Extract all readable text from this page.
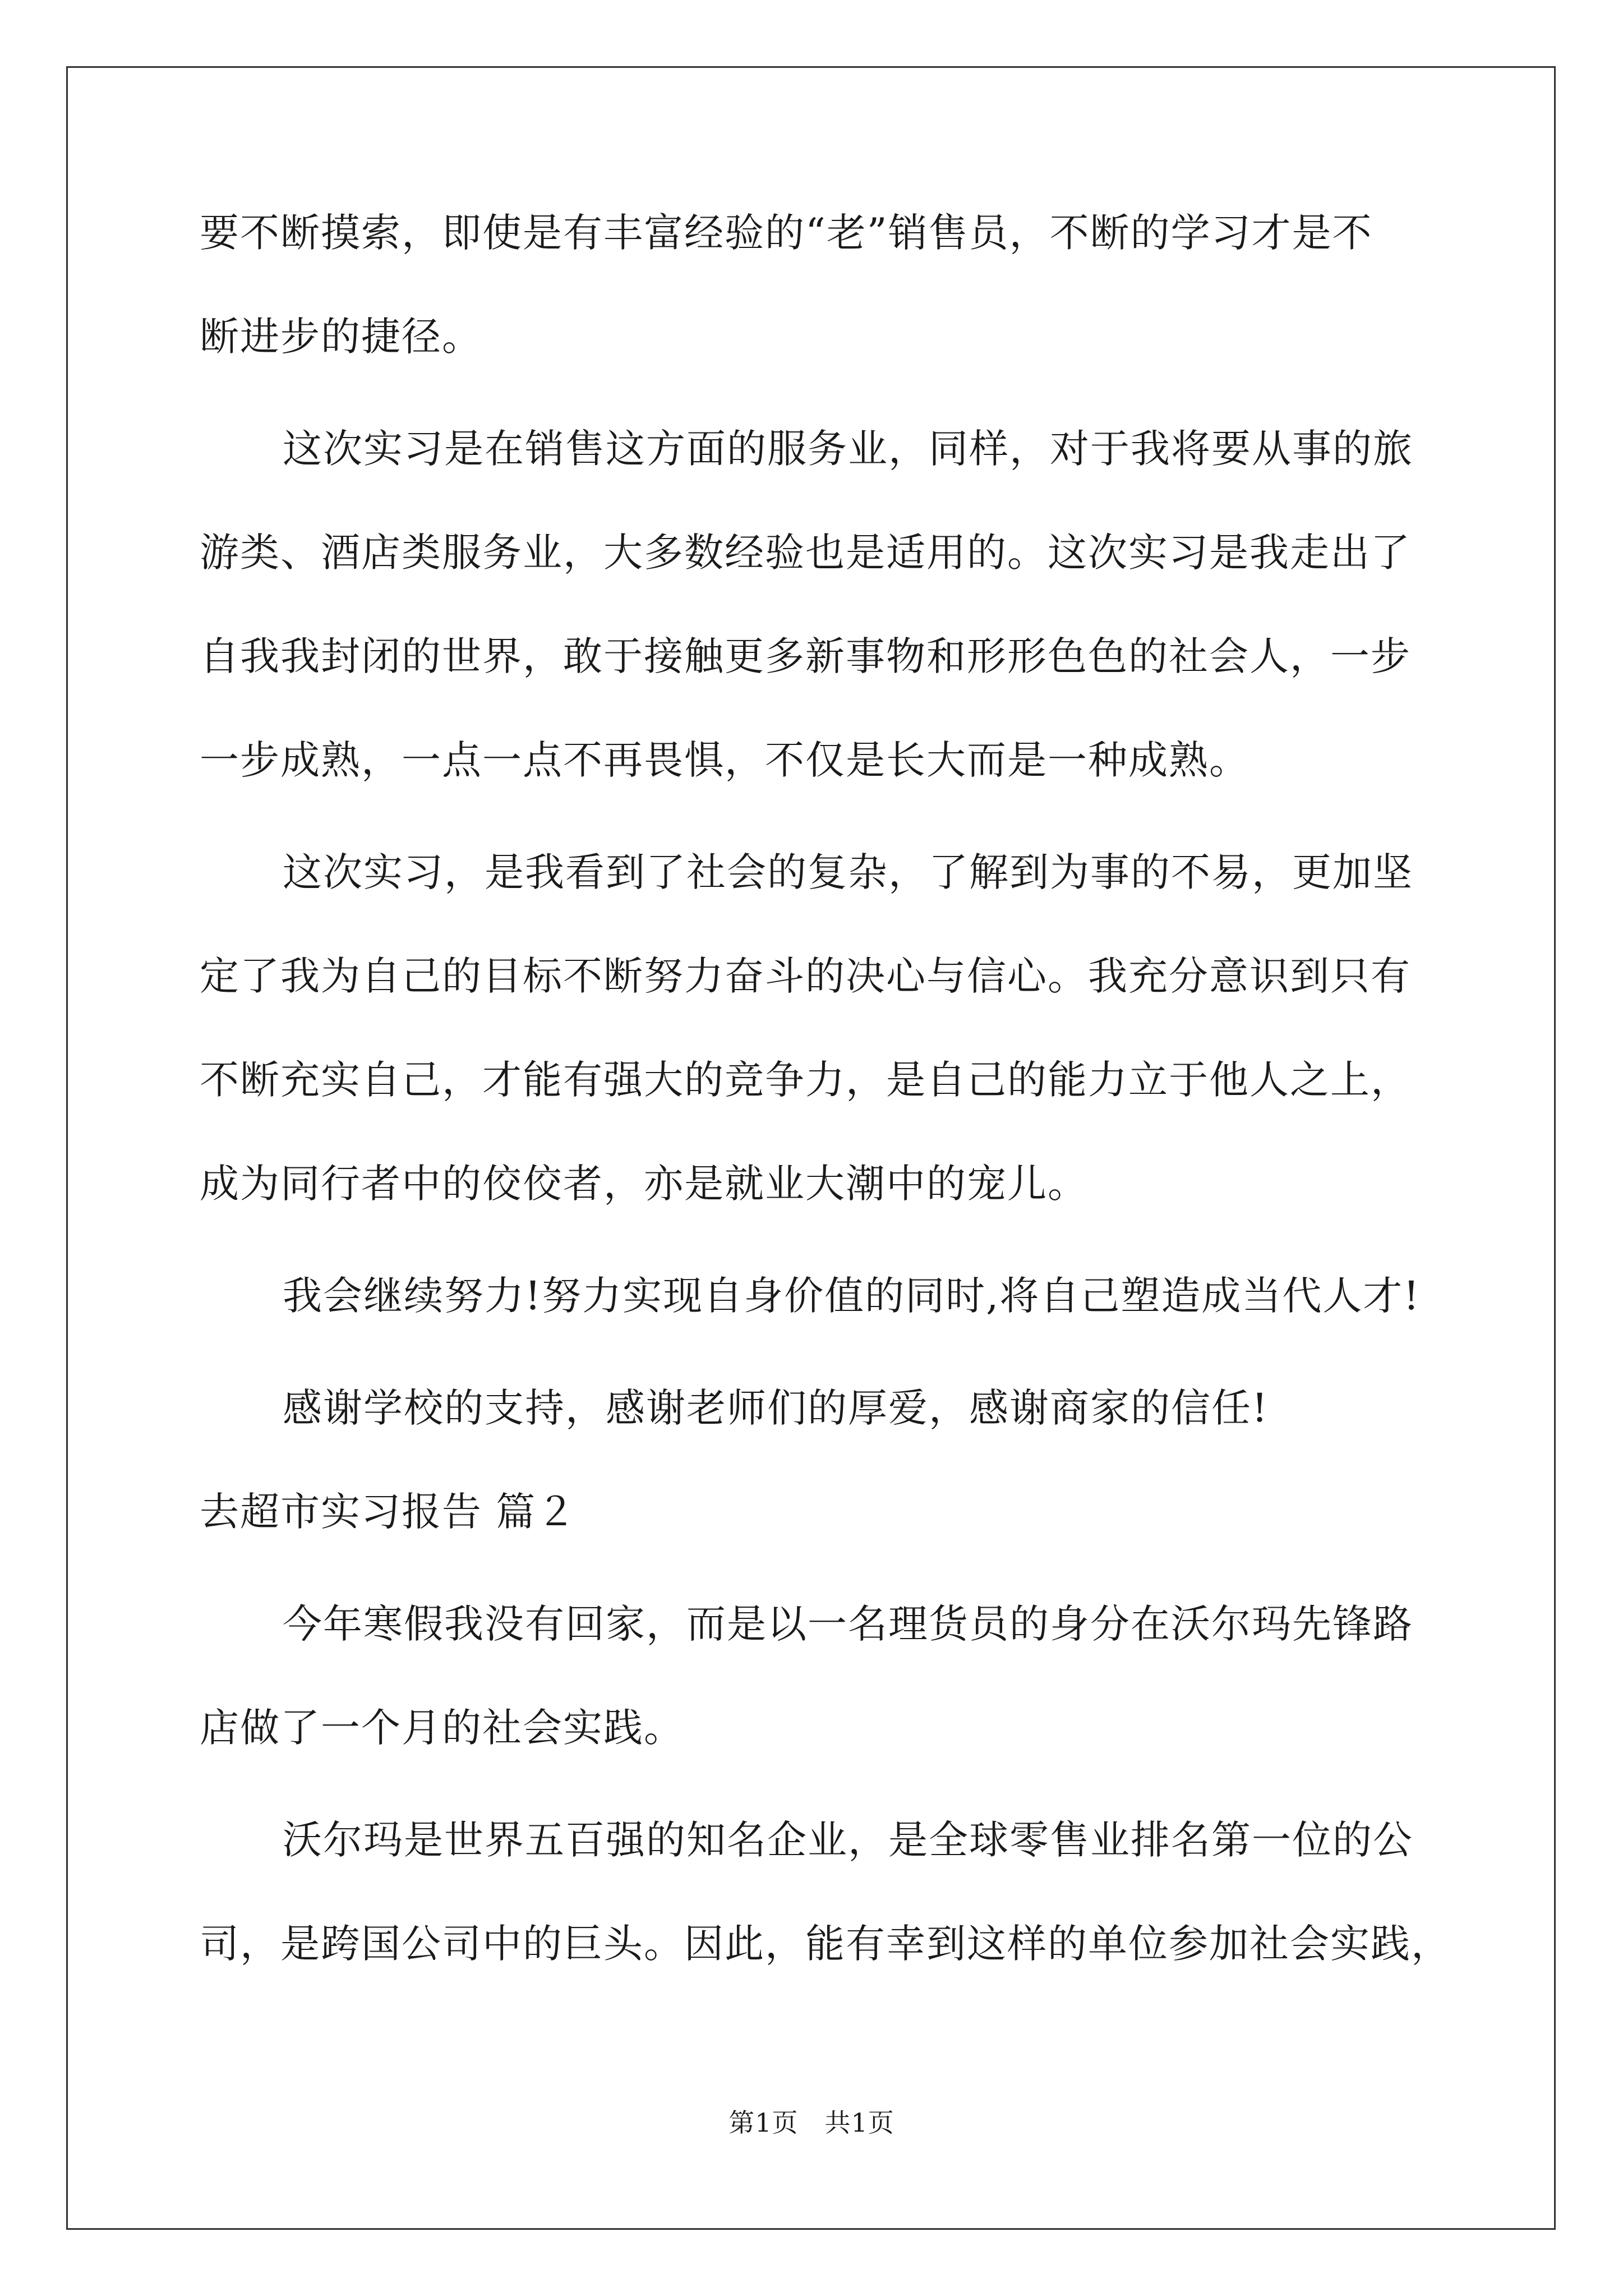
要不断摸索，即使是有丰富经验的“老”销售员，不断的学习才是不
断进步的捷径。
这次实习是在销售这方面的服务业，同样，对于我将要从事的旅
游类、酒店类服务业，大多数经验也是适用的。这次实习是我走出了
自我我封闭的世界，敢于接触更多新事物和形形色色的社会人，一步
一步成熟，一点一点不再畏惧，不仅是长大而是一种成熟。
这次实习，是我看到了社会的复杂，了解到为事的不易，更加坚
定了我为自己的目标不断努力奋斗的决心与信心。我充分意识到只有
不断充实自己，才能有强大的竞争力，是自己的能力立于他人之上，
成为同行者中的佼佼者，亦是就业大潮中的宠儿。
我会继续努力!努力实现自身价值的同时,将自己塑造成当代人才!
感谢学校的支持，感谢老师们的厚爱，感谢商家的信任!
去超市实习报告 篇２
今年寒假我没有回家，而是以一名理货员的身分在沃尔玛先锋路
店做了一个月的社会实践。
沃尔玛是世界五百强的知名企业，是全球零售业排名第一位的公
司，是跨国公司中的巨头。因此，能有幸到这样的单位参加社会实践，
第1页　共1页
